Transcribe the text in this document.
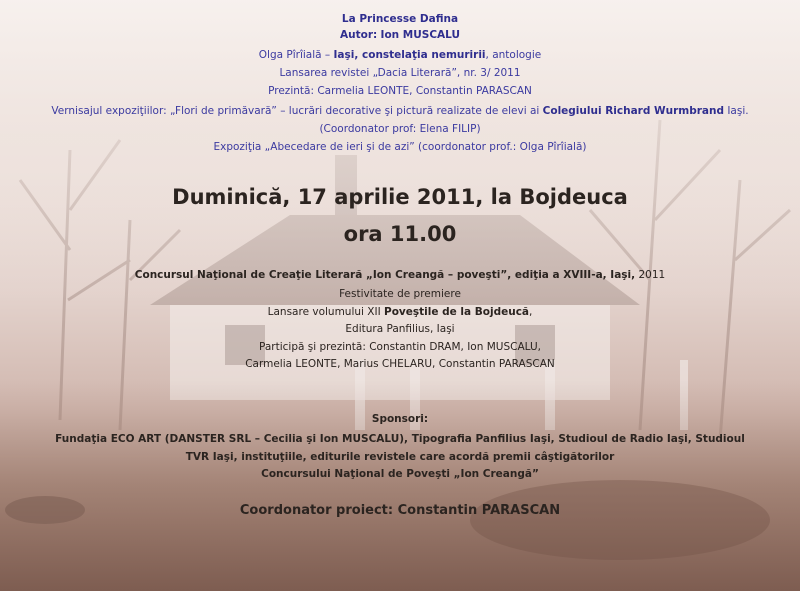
La Princesse Dafina
Autor: Ion MUSCALU
Olga Pîrîială – Iaşi, constelaţia nemuririi, antologie
Lansarea revistei „Dacia Literară”, nr. 3/ 2011
Prezintă: Carmelia LEONTE, Constantin PARASCAN
Vernisajul expoziţiilor: „Flori de primăvară” – lucrări decorative şi pictură realizate de elevi ai Colegiului Richard Wurmbrand Iaşi.
(Coordonator prof: Elena FILIP)
Expoziţia „Abecedare de ieri şi de azi” (coordonator prof.: Olga Pîrîială)
Duminică, 17 aprilie 2011, la Bojdeuca
ora 11.00
Concursul Naţional de Creaţie Literară „Ion Creangă – poveşti”, ediţia a XVIII-a, Iaşi, 2011
Festivitate de premiere
Lansare volumului XII Poveştile de la Bojdeucă,
Editura Panfilius, Iaşi
Participă şi prezintă: Constantin DRAM, Ion MUSCALU,
Carmelia LEONTE, Marius CHELARU, Constantin PARASCAN
Sponsori:
Fundaţia ECO ART (DANSTER SRL – Cecilia şi Ion MUSCALU), Tipografia Panfilius Iaşi, Studioul de Radio Iaşi, Studioul
TVR Iaşi, instituţiile, editurile revistele care acordă premii câştigătorilor
Concursului Naţional de Poveşti „Ion Creangă”
Coordonator proiect: Constantin PARASCAN
